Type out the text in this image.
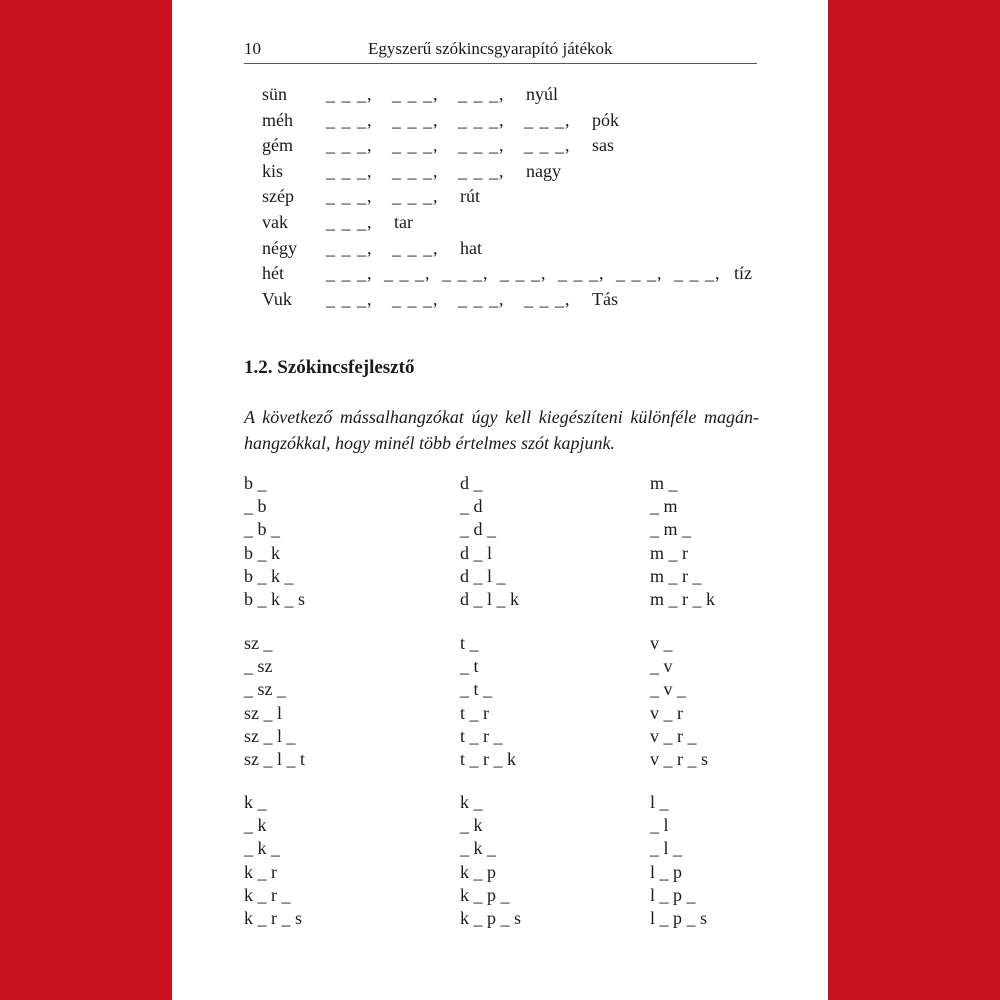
10	Egyszerű szókincsgyarapító játékok
sün _ _ _, _ _ _, _ _ _, nyúl
méh _ _ _, _ _ _, _ _ _, _ _ _, pók
gém _ _ _, _ _ _, _ _ _, _ _ _, sas
kis _ _ _, _ _ _, _ _ _, nagy
szép _ _ _, _ _ _, rút
vak _ _ _, tar
négy _ _ _, _ _ _, hat
hét _ _ _, _ _ _, _ _ _, _ _ _, _ _ _, _ _ _, _ _ _, tíz
Vuk _ _ _, _ _ _, _ _ _, _ _ _, Tás
1.2. Szókincsfejlesztő

A következő mássalhangzókat úgy kell kiegészíteni különféle magán-
hangzókkal, hogy minél több értelmes szót kapjunk.

b _	d _	m _
_ b	_ d	_ m
_ b _	_ d _	_ m _
b _ k	d _ l	m _ r
b _ k _	d _ l _	m _ r _
b _ k _ s	d _ l _ k	m _ r _ k
sz _	t _	v _
_ sz	_ t	_ v
_ sz _	_ t _	_ v _
sz _ l	t _ r	v _ r
sz _ l _	t _ r _	v _ r _
sz _ l _ t	t _ r _ k	v _ r _ s
k _	k _	l _
_ k	_ k	_ l
_ k _	_ k _	_ l _
k _ r	k _ p	l _ p
k _ r _	k _ p _	l _ p _
k _ r _ s	k _ p _ s	l _ p _ s
